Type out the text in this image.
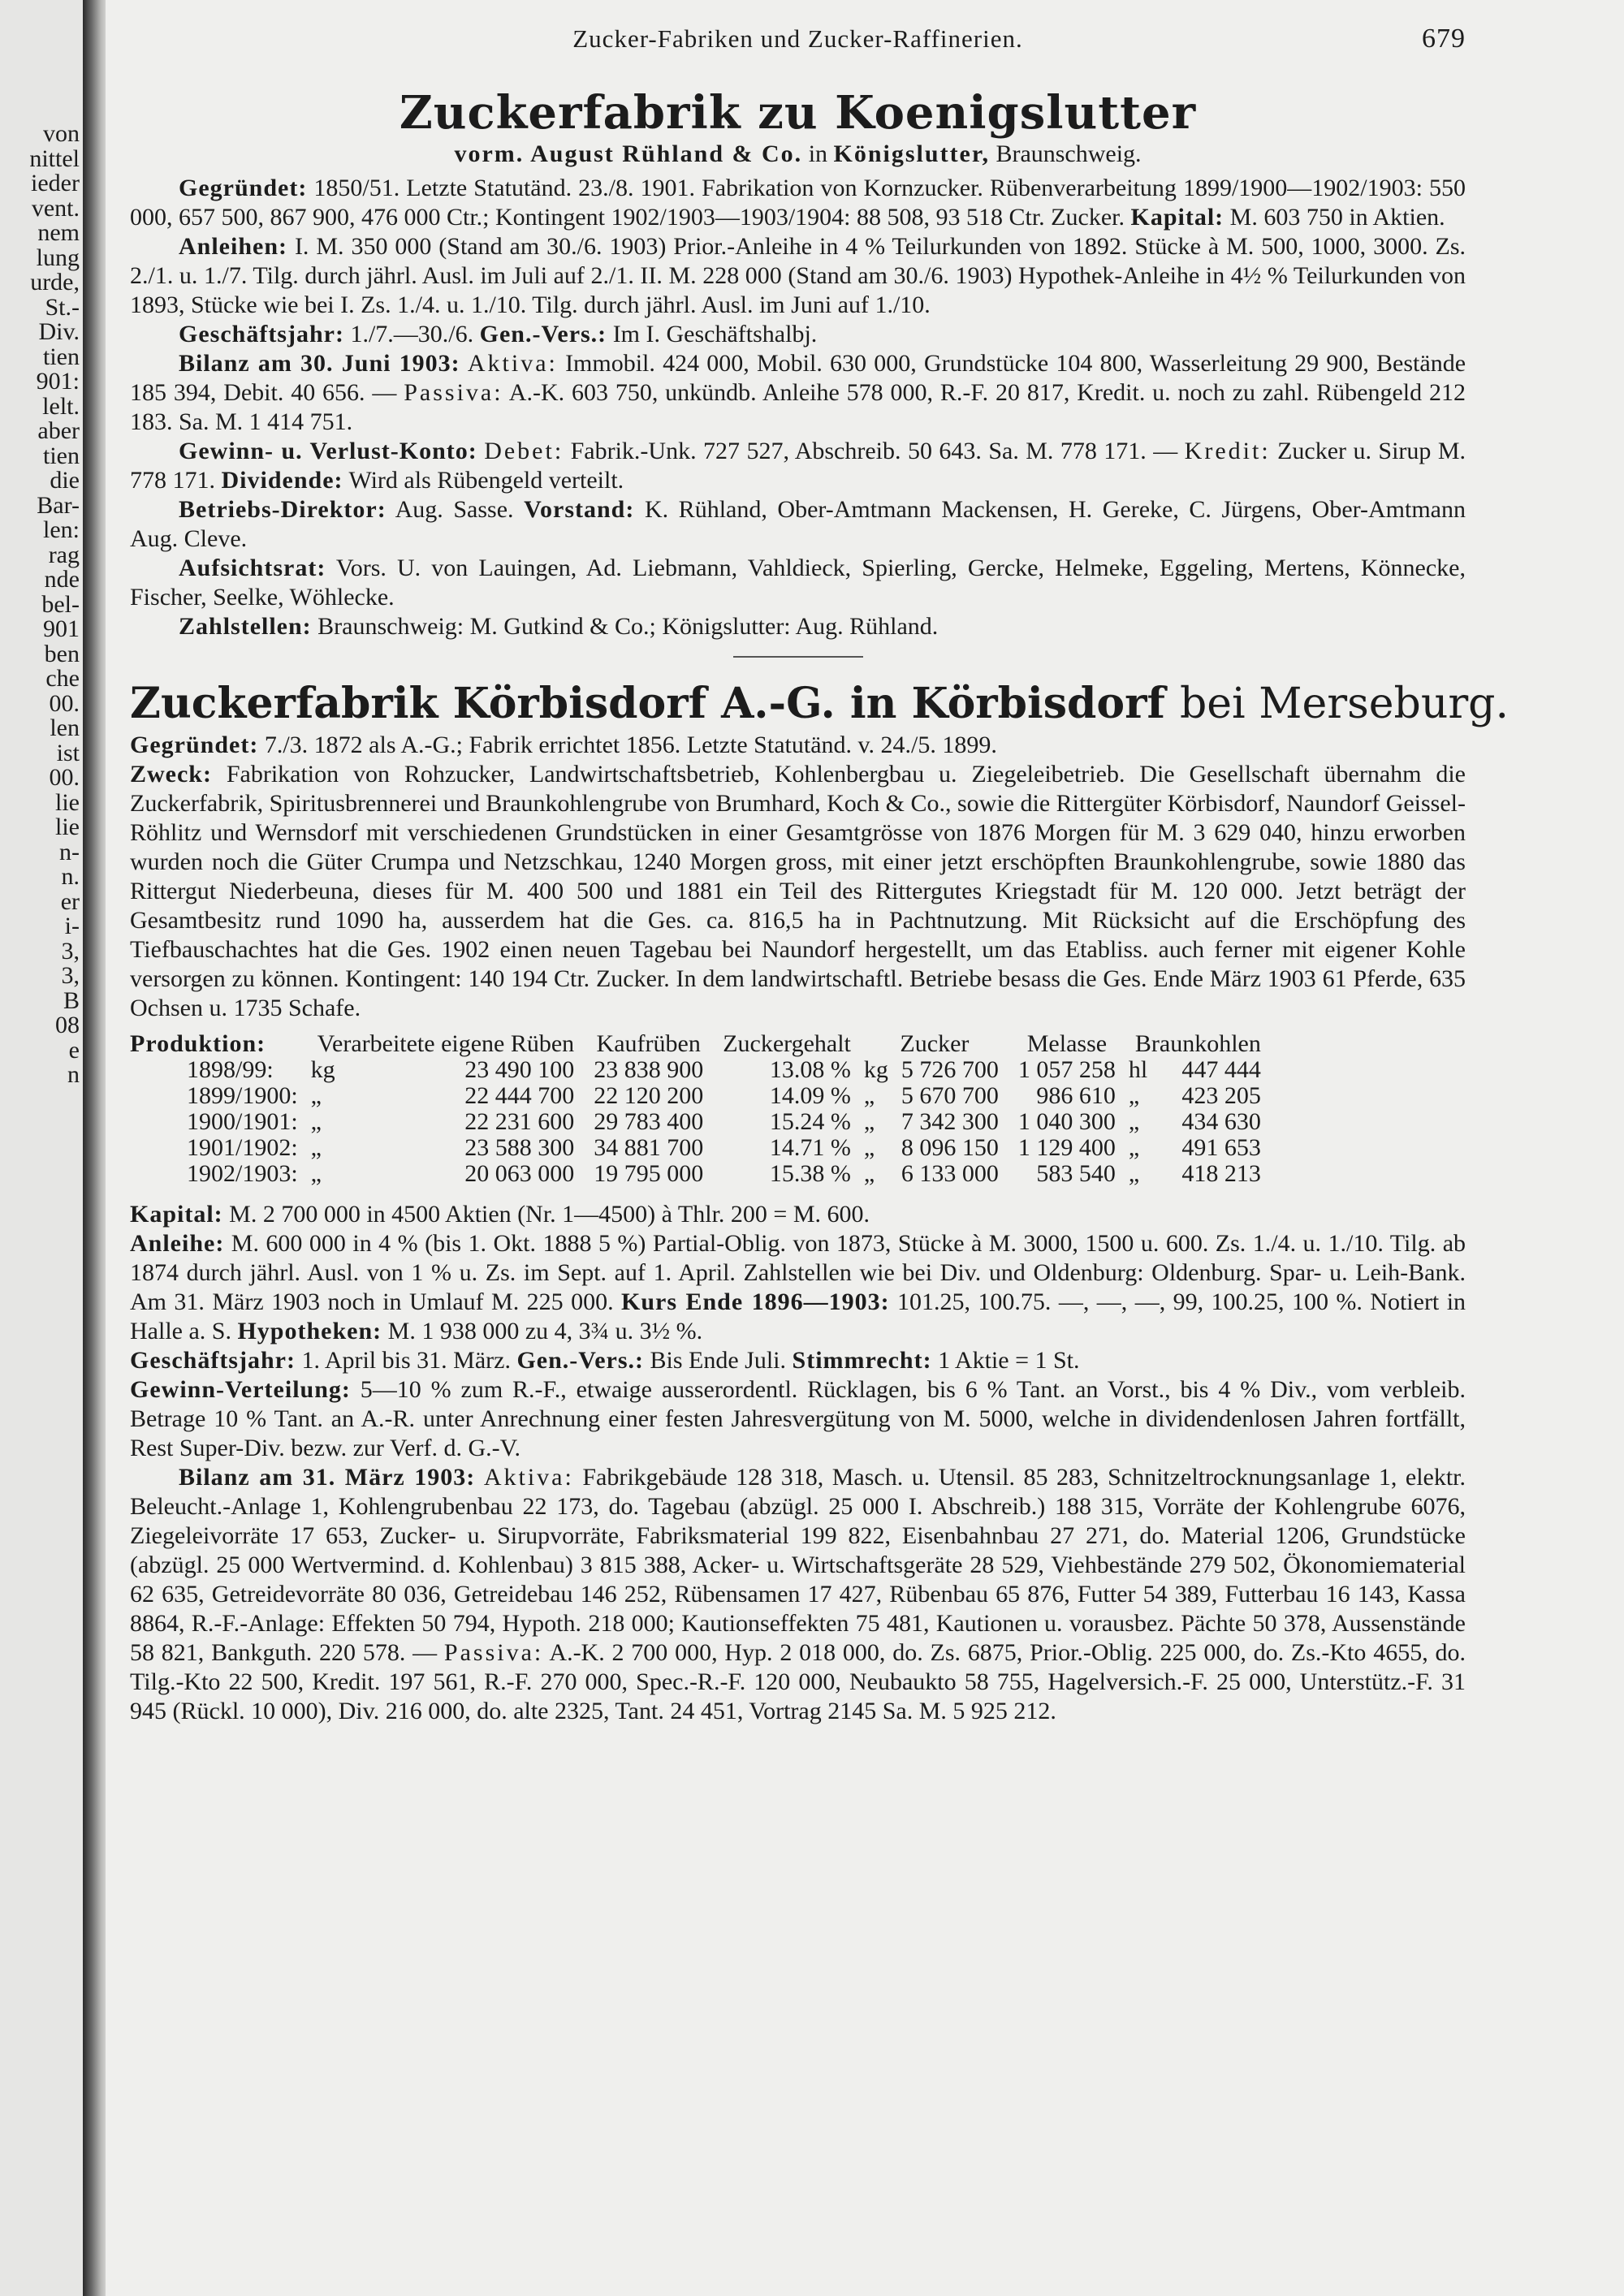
von
nittel
ieder
vent.
nem
lung
urde,
St.-
Div.
tien
901:
lelt.
aber
tien
die
Bar-
len:
rag
nde
bel-
901
ben
che
00.
len
ist
00.
lie
lie
n-
n.
er
i-
3,
3,
B
08
e
n
Zucker-Fabriken und Zucker-Raffinerien.	679
Zuckerfabrik zu Koenigslutter
vorm. August Rühland & Co. in Königslutter, Braunschweig.

Gegründet: 1850/51. Letzte Statutänd. 23./8. 1901. Fabrikation von Kornzucker. Rübenverarbeitung 1899/1900—1902/1903: 550 000, 657 500, 867 900, 476 000 Ctr.; Kontingent 1902/1903—1903/1904: 88 508, 93 518 Ctr. Zucker. Kapital: M. 603 750 in Aktien.

Anleihen: I. M. 350 000 (Stand am 30./6. 1903) Prior.-Anleihe in 4 % Teilurkunden von 1892. Stücke à M. 500, 1000, 3000. Zs. 2./1. u. 1./7. Tilg. durch jährl. Ausl. im Juli auf 2./1. II. M. 228 000 (Stand am 30./6. 1903) Hypothek-Anleihe in 4½ % Teilurkunden von 1893, Stücke wie bei I. Zs. 1./4. u. 1./10. Tilg. durch jährl. Ausl. im Juni auf 1./10.

Geschäftsjahr: 1./7.—30./6. Gen.-Vers.: Im I. Geschäftshalbj.

Bilanz am 30. Juni 1903: Aktiva: Immobil. 424 000, Mobil. 630 000, Grundstücke 104 800, Wasserleitung 29 900, Bestände 185 394, Debit. 40 656. — Passiva: A.-K. 603 750, unkündb. Anleihe 578 000, R.-F. 20 817, Kredit. u. noch zu zahl. Rübengeld 212 183. Sa. M. 1 414 751.

Gewinn- u. Verlust-Konto: Debet: Fabrik.-Unk. 727 527, Abschreib. 50 643. Sa. M. 778 171. — Kredit: Zucker u. Sirup M. 778 171. Dividende: Wird als Rübengeld verteilt.

Betriebs-Direktor: Aug. Sasse. Vorstand: K. Rühland, Ober-Amtmann Mackensen, H. Gereke, C. Jürgens, Ober-Amtmann Aug. Cleve.

Aufsichtsrat: Vors. U. von Lauingen, Ad. Liebmann, Vahldieck, Spierling, Gercke, Helmeke, Eggeling, Mertens, Könnecke, Fischer, Seelke, Wöhlecke.

Zahlstellen: Braunschweig: M. Gutkind & Co.; Königslutter: Aug. Rühland.

Zuckerfabrik Körbisdorf A.-G. in Körbisdorf bei Merseburg.

Gegründet: 7./3. 1872 als A.-G.; Fabrik errichtet 1856. Letzte Statutänd. v. 24./5. 1899.

Zweck: Fabrikation von Rohzucker, Landwirtschaftsbetrieb, Kohlenbergbau u. Ziegeleibetrieb. Die Gesellschaft übernahm die Zuckerfabrik, Spiritusbrennerei und Braunkohlengrube von Brumhard, Koch & Co., sowie die Rittergüter Körbisdorf, Naundorf Geissel-Röhlitz und Wernsdorf mit verschiedenen Grundstücken in einer Gesamtgrösse von 1876 Morgen für M. 3 629 040, hinzu erworben wurden noch die Güter Crumpa und Netzschkau, 1240 Morgen gross, mit einer jetzt erschöpften Braunkohlengrube, sowie 1880 das Rittergut Niederbeuna, dieses für M. 400 500 und 1881 ein Teil des Rittergutes Kriegstadt für M. 120 000. Jetzt beträgt der Gesamtbesitz rund 1090 ha, ausserdem hat die Ges. ca. 816,5 ha in Pachtnutzung. Mit Rücksicht auf die Erschöpfung des Tiefbauschachtes hat die Ges. 1902 einen neuen Tagebau bei Naundorf hergestellt, um das Etabliss. auch ferner mit eigener Kohle versorgen zu können. Kontingent: 140 194 Ctr. Zucker. In dem landwirtschaftl. Betriebe besass die Ges. Ende März 1903 61 Pferde, 635 Ochsen u. 1735 Schafe.

Produktion:	Verarbeitete eigene Rüben		Kaufrüben	Zuckergehalt	Zucker		Melasse	Braunkohlen	
1898/99:	kg	23 490 100	23 838 900	13.08 %	kg	5 726 700	1 057 258	hl	447 444
1899/1900:	„	22 444 700	22 120 200	14.09 %	„	5 670 700	986 610	„	423 205
1900/1901:	„	22 231 600	29 783 400	15.24 %	„	7 342 300	1 040 300	„	434 630
1901/1902:	„	23 588 300	34 881 700	14.71 %	„	8 096 150	1 129 400	„	491 653
1902/1903:	„	20 063 000	19 795 000	15.38 %	„	6 133 000	583 540	„	418 213

Kapital: M. 2 700 000 in 4500 Aktien (Nr. 1—4500) à Thlr. 200 = M. 600.

Anleihe: M. 600 000 in 4 % (bis 1. Okt. 1888 5 %) Partial-Oblig. von 1873, Stücke à M. 3000, 1500 u. 600. Zs. 1./4. u. 1./10. Tilg. ab 1874 durch jährl. Ausl. von 1 % u. Zs. im Sept. auf 1. April. Zahlstellen wie bei Div. und Oldenburg: Oldenburg. Spar- u. Leih-Bank. Am 31. März 1903 noch in Umlauf M. 225 000. Kurs Ende 1896—1903: 101.25, 100.75. —, —, —, 99, 100.25, 100 %. Notiert in Halle a. S. Hypotheken: M. 1 938 000 zu 4, 3¾ u. 3½ %.

Geschäftsjahr: 1. April bis 31. März. Gen.-Vers.: Bis Ende Juli. Stimmrecht: 1 Aktie = 1 St.

Gewinn-Verteilung: 5—10 % zum R.-F., etwaige ausserordentl. Rücklagen, bis 6 % Tant. an Vorst., bis 4 % Div., vom verbleib. Betrage 10 % Tant. an A.-R. unter Anrechnung einer festen Jahresvergütung von M. 5000, welche in dividendenlosen Jahren fortfällt, Rest Super-Div. bezw. zur Verf. d. G.-V.

Bilanz am 31. März 1903: Aktiva: Fabrikgebäude 128 318, Masch. u. Utensil. 85 283, Schnitzeltrocknungsanlage 1, elektr. Beleucht.-Anlage 1, Kohlengrubenbau 22 173, do. Tagebau (abzügl. 25 000 I. Abschreib.) 188 315, Vorräte der Kohlengrube 6076, Ziegeleivorräte 17 653, Zucker- u. Sirupvorräte, Fabriksmaterial 199 822, Eisenbahnbau 27 271, do. Material 1206, Grundstücke (abzügl. 25 000 Wertvermind. d. Kohlenbau) 3 815 388, Acker- u. Wirtschaftsgeräte 28 529, Viehbestände 279 502, Ökonomiematerial 62 635, Getreidevorräte 80 036, Getreidebau 146 252, Rübensamen 17 427, Rübenbau 65 876, Futter 54 389, Futterbau 16 143, Kassa 8864, R.-F.-Anlage: Effekten 50 794, Hypoth. 218 000; Kautionseffekten 75 481, Kautionen u. vorausbez. Pächte 50 378, Aussenstände 58 821, Bankguth. 220 578. — Passiva: A.-K. 2 700 000, Hyp. 2 018 000, do. Zs. 6875, Prior.-Oblig. 225 000, do. Zs.-Kto 4655, do. Tilg.-Kto 22 500, Kredit. 197 561, R.-F. 270 000, Spec.-R.-F. 120 000, Neubaukto 58 755, Hagelversich.-F. 25 000, Unterstütz.-F. 31 945 (Rückl. 10 000), Div. 216 000, do. alte 2325, Tant. 24 451, Vortrag 2145 Sa. M. 5 925 212.
